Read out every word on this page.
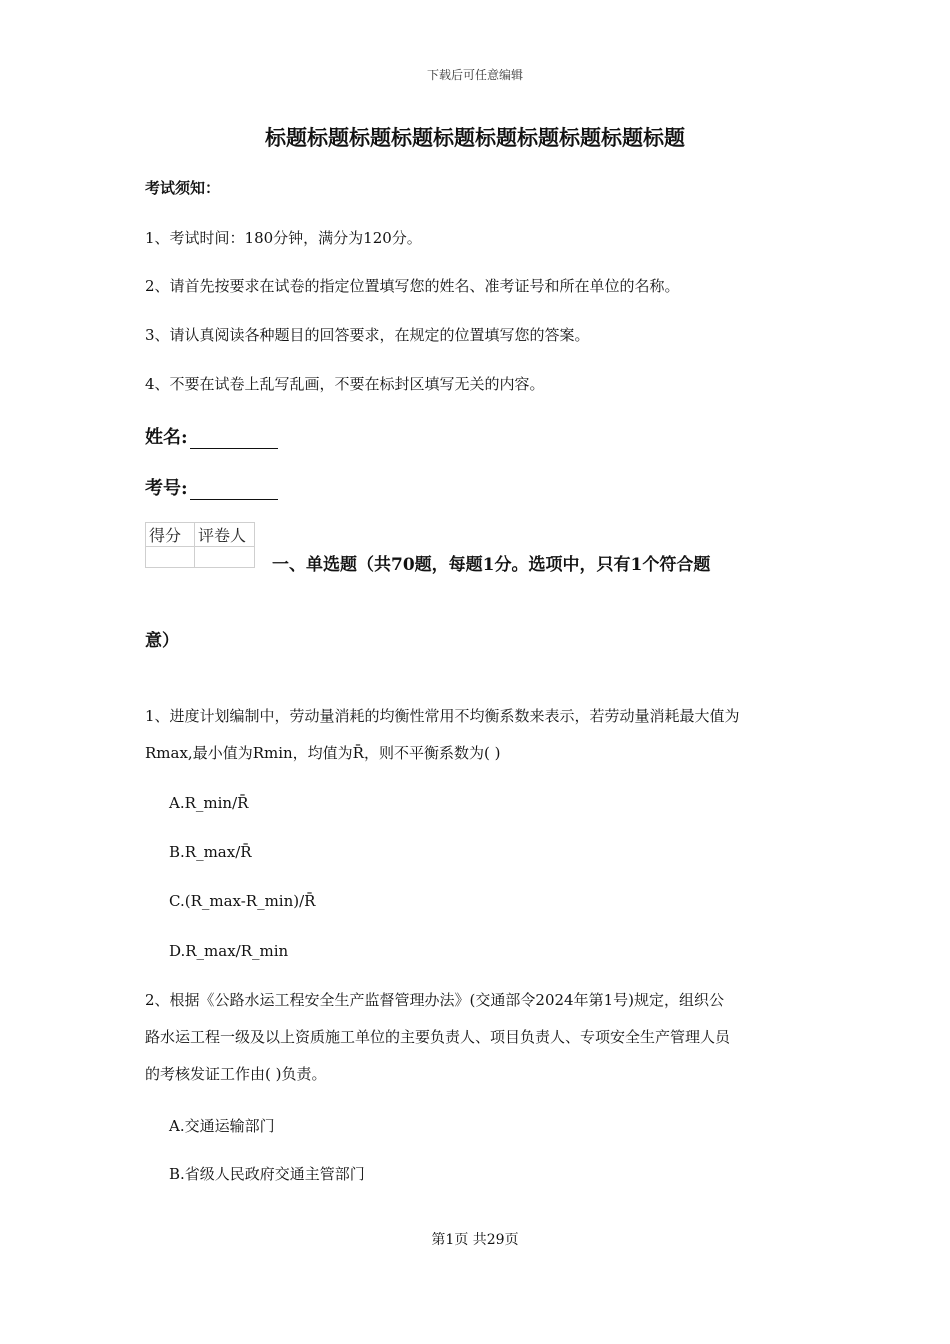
下载后可任意编辑
标题标题标题标题标题标题标题标题标题标题
考试须知：
1、考试时间：180分钟，满分为120分。
2、请首先按要求在试卷的指定位置填写您的姓名、准考证号和所在单位的名称。
3、请认真阅读各种题目的回答要求，在规定的位置填写您的答案。
4、不要在试卷上乱写乱画，不要在标封区填写无关的内容。
姓名:
考号:
得分	评卷人

一、单选题（共70题，每题1分。选项中，只有1个符合题
意）
1、进度计划编制中，劳动量消耗的均衡性常用不均衡系数来表示，若劳动量消耗最大值为
Rmax,最小值为Rmin，均值为R̄，则不平衡系数为( )
A.R_min/R̄
B.R_max/R̄
C.(R_max-R_min)/R̄
D.R_max/R_min
2、根据《公路水运工程安全生产监督管理办法》(交通部令2024年第1号)规定，组织公
路水运工程一级及以上资质施工单位的主要负责人、项目负责人、专项安全生产管理人员
的考核发证工作由( )负责。
A.交通运输部门
B.省级人民政府交通主管部门
第1页 共29页
